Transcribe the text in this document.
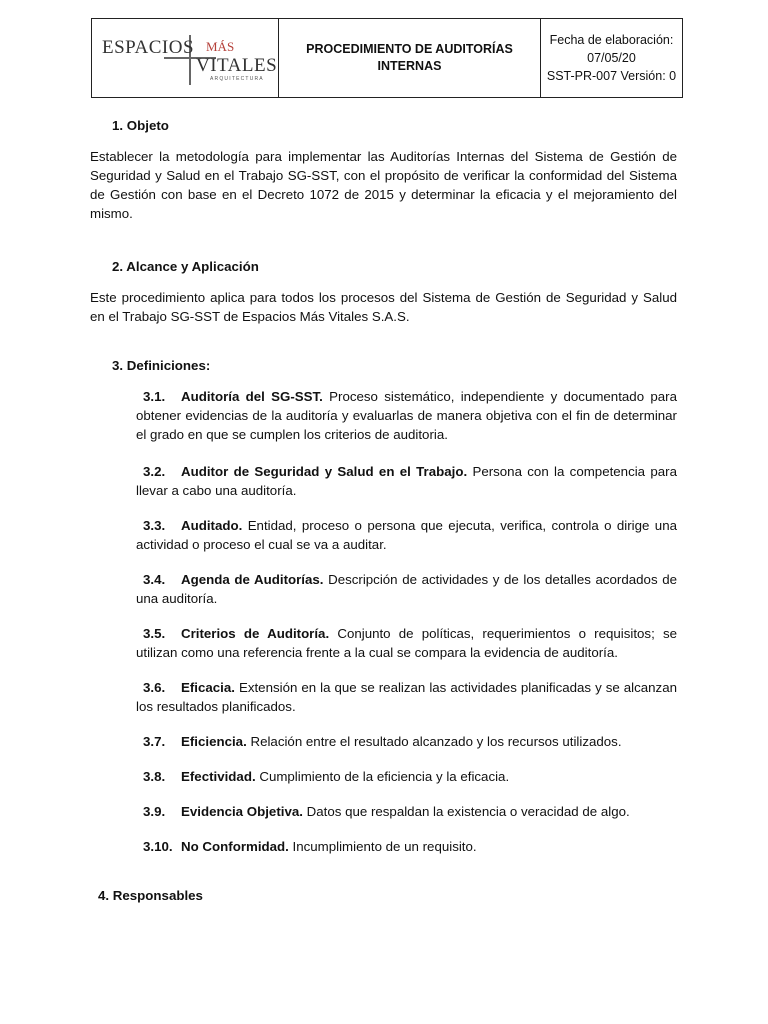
ESPACIOS MÁS
VITALES
ARQUITECTURA
PROCEDIMIENTO DE AUDITORÍAS INTERNAS
Fecha de elaboración:
07/05/20
SST-PR-007 Versión: 0

1. Objeto

Establecer la metodología para implementar las Auditorías Internas del Sistema de Gestión de Seguridad y Salud en el Trabajo SG-SST, con el propósito de verificar la conformidad del Sistema de Gestión con base en el Decreto 1072 de 2015 y determinar la eficacia y el mejoramiento del mismo.

2. Alcance y Aplicación

Este procedimiento aplica para todos los procesos del Sistema de Gestión de Seguridad y Salud en el Trabajo SG-SST de Espacios Más Vitales S.A.S.

3. Definiciones:

3.1. Auditoría del SG-SST. Proceso sistemático, independiente y documentado para obtener evidencias de la auditoría y evaluarlas de manera objetiva con el fin de determinar el grado en que se cumplen los criterios de auditoria.

3.2. Auditor de Seguridad y Salud en el Trabajo. Persona con la competencia para llevar a cabo una auditoría.

3.3. Auditado. Entidad, proceso o persona que ejecuta, verifica, controla o dirige una actividad o proceso el cual se va a auditar.

3.4. Agenda de Auditorías. Descripción de actividades y de los detalles acordados de una auditoría.

3.5. Criterios de Auditoría. Conjunto de políticas, requerimientos o requisitos; se utilizan como una referencia frente a la cual se compara la evidencia de auditoría.

3.6. Eficacia. Extensión en la que se realizan las actividades planificadas y se alcanzan los resultados planificados.

3.7. Eficiencia. Relación entre el resultado alcanzado y los recursos utilizados.

3.8. Efectividad. Cumplimiento de la eficiencia y la eficacia.

3.9. Evidencia Objetiva. Datos que respaldan la existencia o veracidad de algo.

3.10. No Conformidad. Incumplimiento de un requisito.

4. Responsables
